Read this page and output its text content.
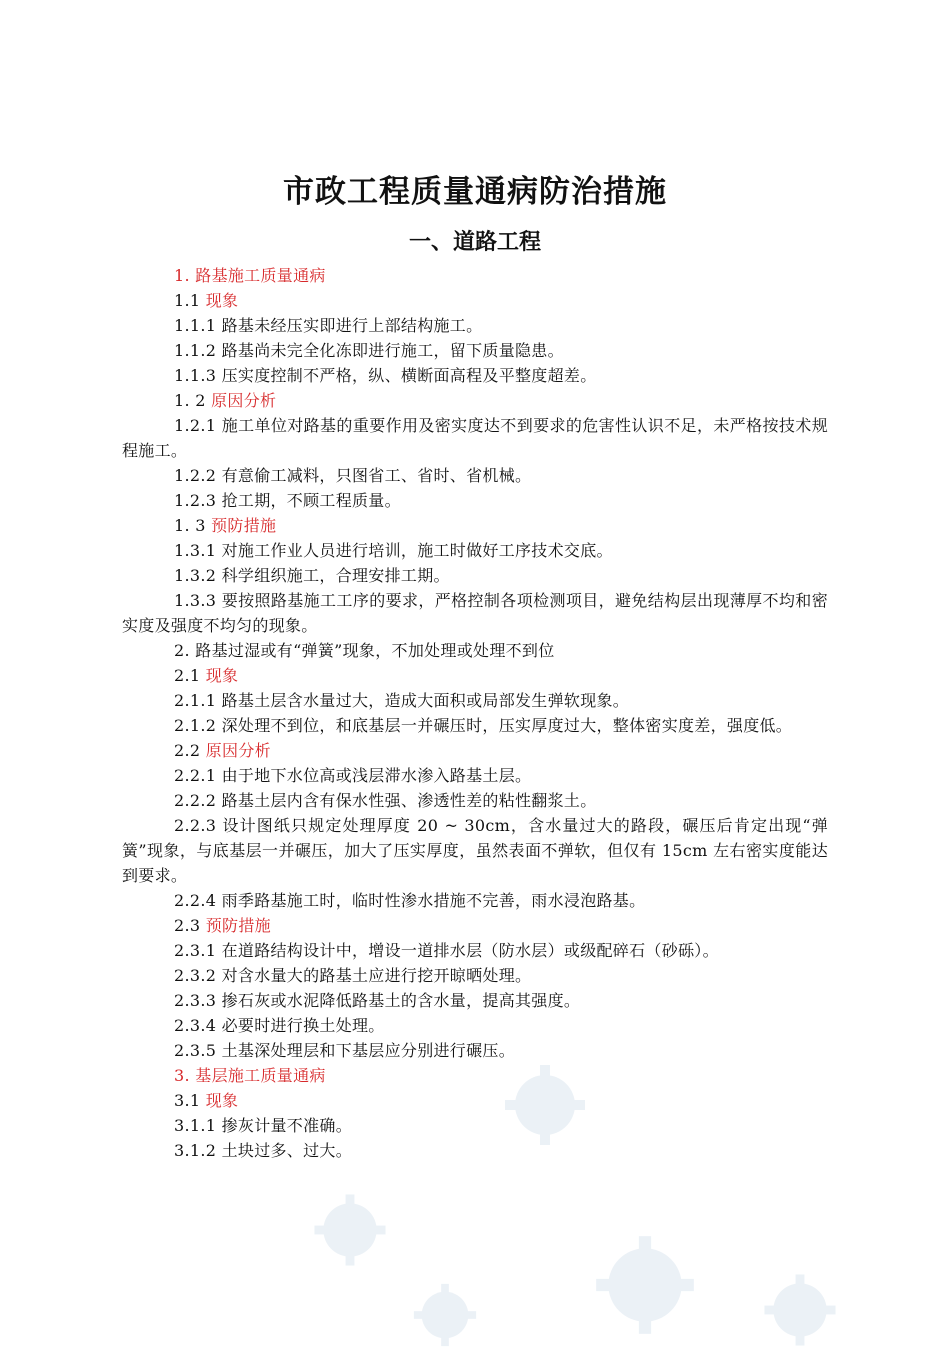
市政工程质量通病防治措施
一、道路工程

1. 路基施工质量通病

1.1 现象

1.1.1 路基未经压实即进行上部结构施工。

1.1.2 路基尚未完全化冻即进行施工，留下质量隐患。

1.1.3 压实度控制不严格，纵、横断面高程及平整度超差。

1. 2 原因分析

1.2.1 施工单位对路基的重要作用及密实度达不到要求的危害性认识不足，未严格按技术规程施工。

1.2.2 有意偷工减料，只图省工、省时、省机械。

1.2.3 抢工期，不顾工程质量。

1. 3 预防措施

1.3.1 对施工作业人员进行培训，施工时做好工序技术交底。

1.3.2 科学组织施工，合理安排工期。

1.3.3 要按照路基施工工序的要求，严格控制各项检测项目，避免结构层出现薄厚不均和密实度及强度不均匀的现象。

2. 路基过湿或有“弹簧”现象，不加处理或处理不到位

2.1 现象

2.1.1 路基土层含水量过大，造成大面积或局部发生弹软现象。

2.1.2 深处理不到位，和底基层一并碾压时，压实厚度过大，整体密实度差，强度低。

2.2 原因分析

2.2.1 由于地下水位高或浅层滞水渗入路基土层。

2.2.2 路基土层内含有保水性强、渗透性差的粘性翻浆土。

2.2.3 设计图纸只规定处理厚度 20 ~ 30cm，含水量过大的路段，碾压后肯定出现“弹簧”现象，与底基层一并碾压，加大了压实厚度，虽然表面不弹软，但仅有 15cm 左右密实度能达到要求。

2.2.4 雨季路基施工时，临时性渗水措施不完善，雨水浸泡路基。

2.3 预防措施

2.3.1 在道路结构设计中，增设一道排水层（防水层）或级配碎石（砂砾）。

2.3.2 对含水量大的路基土应进行挖开晾晒处理。

2.3.3 掺石灰或水泥降低路基土的含水量，提高其强度。

2.3.4 必要时进行换土处理。

2.3.5 土基深处理层和下基层应分别进行碾压。

3. 基层施工质量通病

3.1 现象

3.1.1 掺灰计量不准确。

3.1.2 土块过多、过大。
